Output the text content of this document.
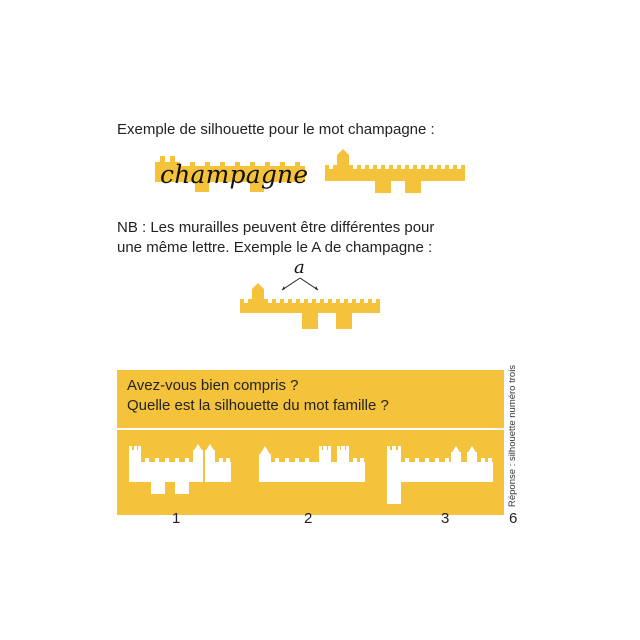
Exemple de silhouette pour le mot champagne :
champagne
NB : Les murailles peuvent être différentes pour
une même lettre. Exemple le A de champagne :
a
Avez-vous bien compris ?
Quelle est la silhouette du mot famille ?
1	2	3	6
Réponse : silhouette numéro trois
